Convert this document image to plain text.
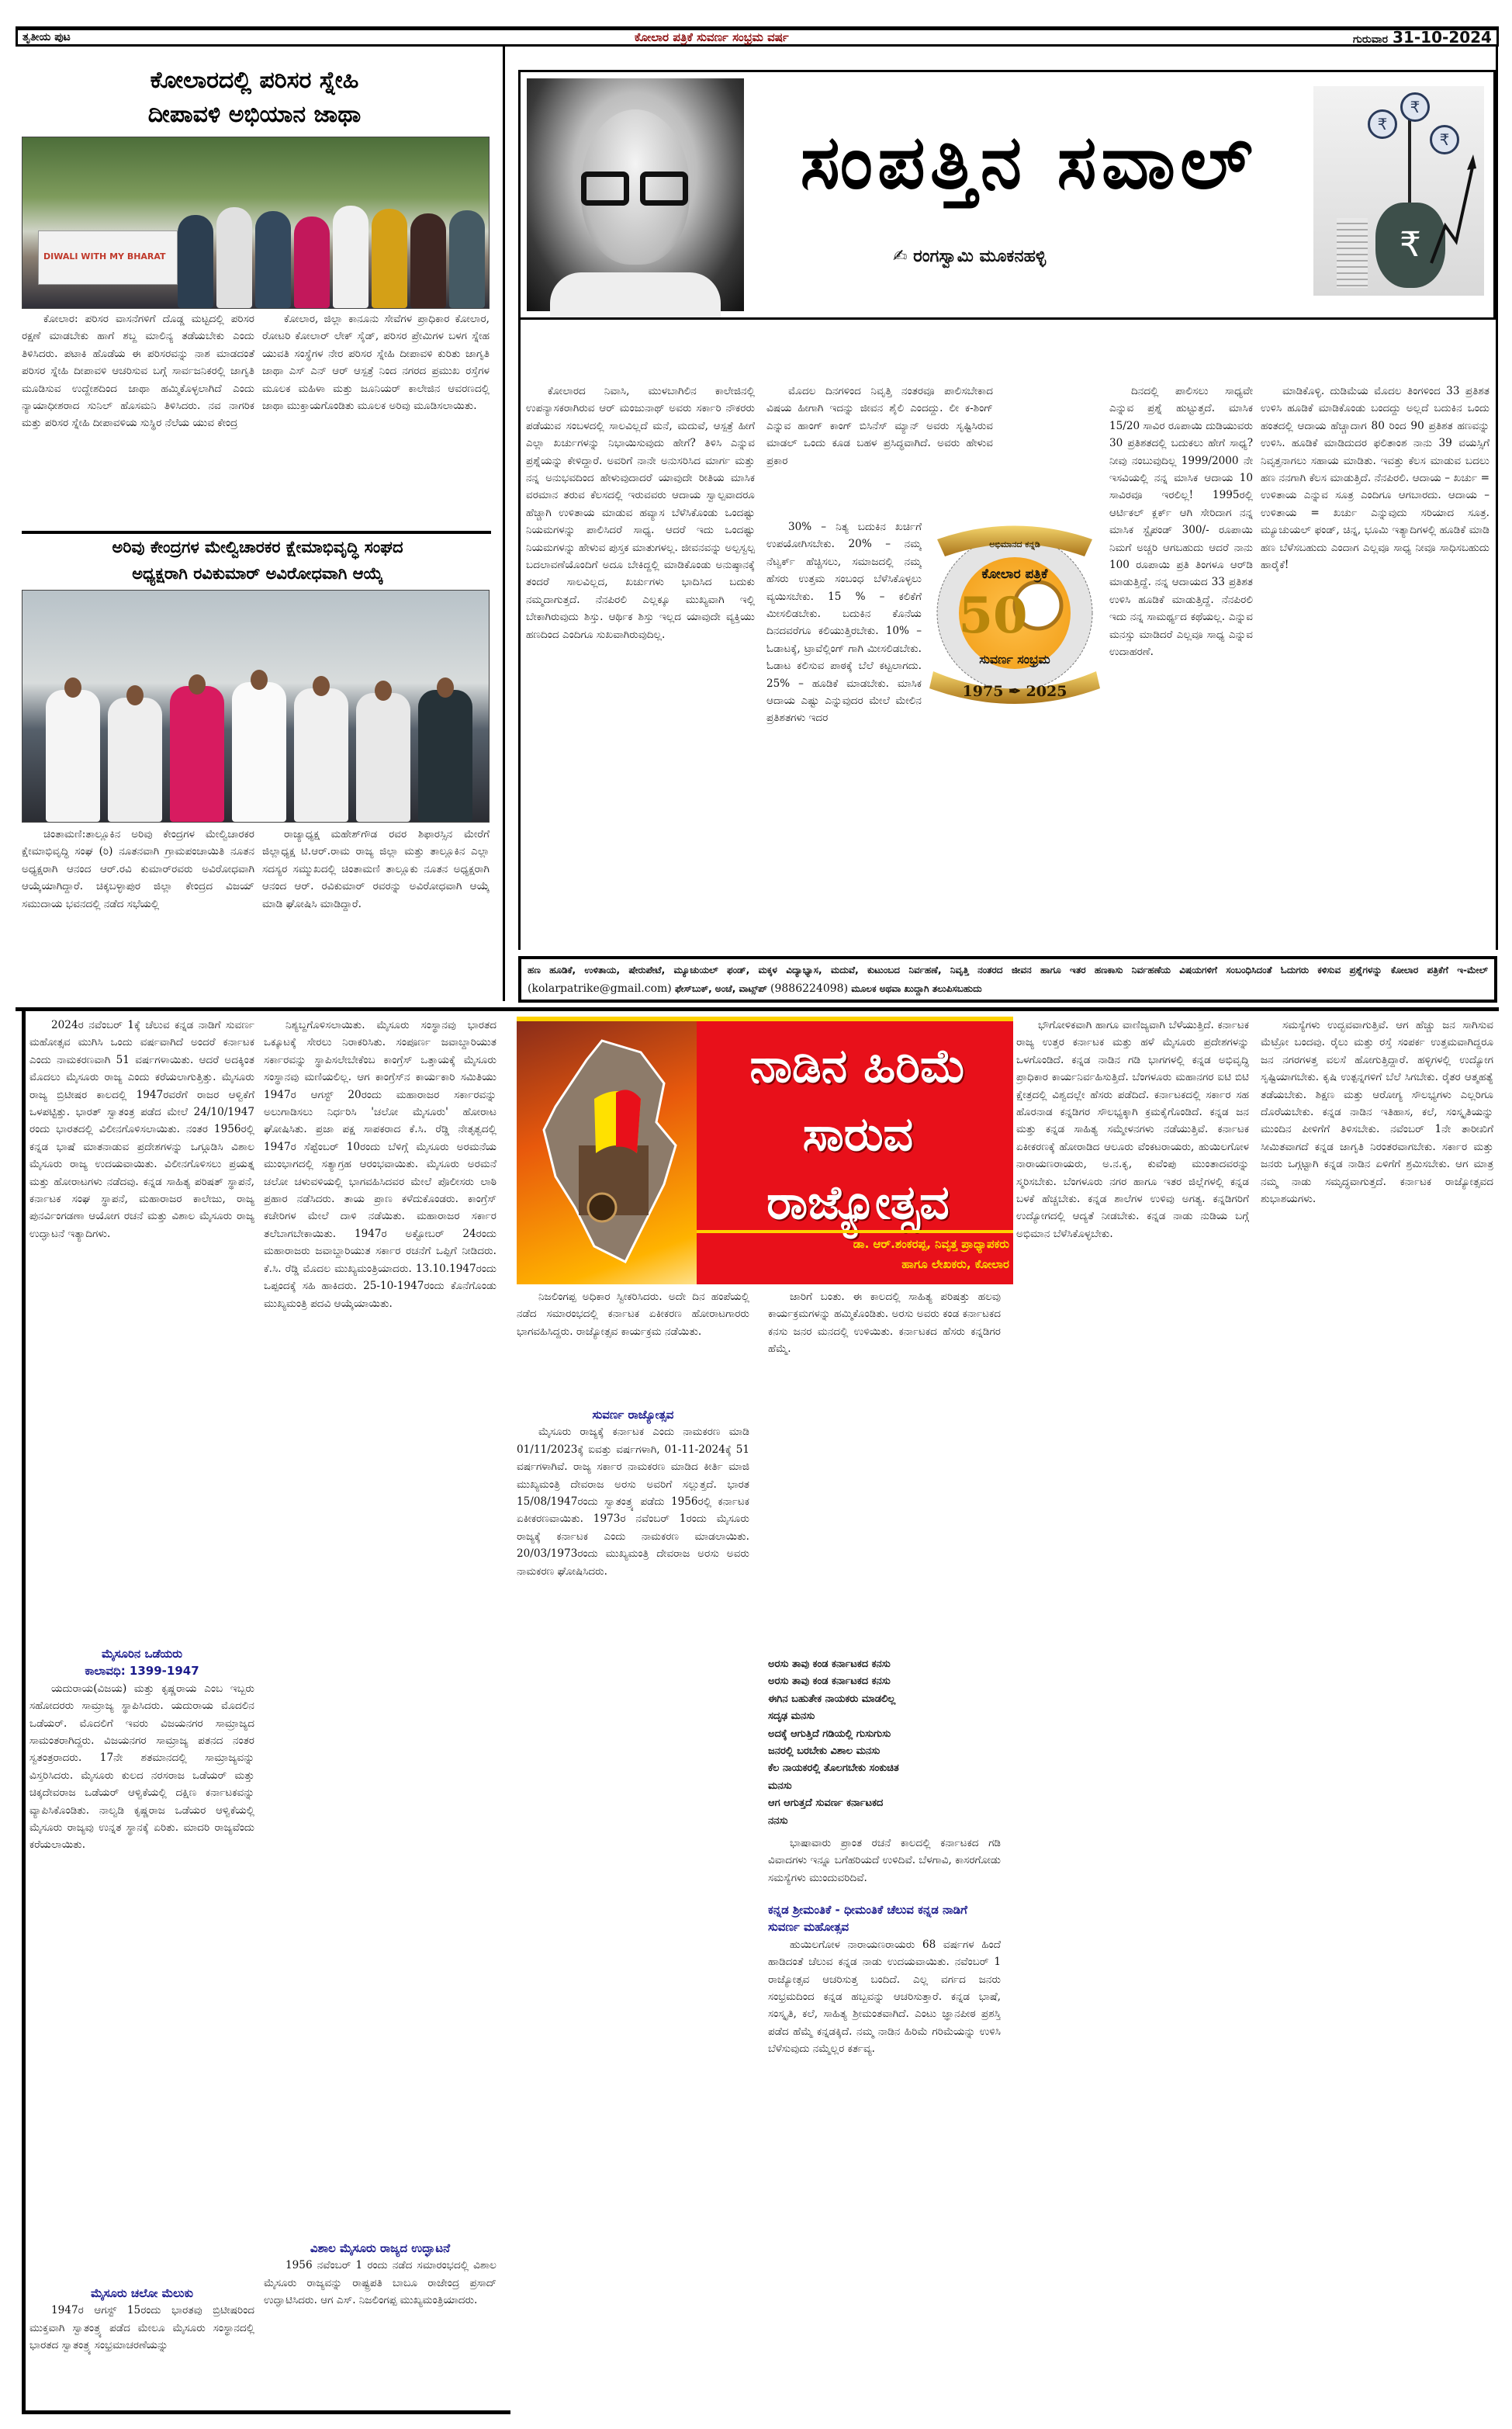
ತೃತೀಯ ಪುಟ	ಕೋಲಾರ ಪತ್ರಿಕೆ ಸುವರ್ಣ ಸಂಭ್ರಮ ವರ್ಷ	ಗುರುವಾರ 31-10-2024
ಕೋಲಾರದಲ್ಲಿ ಪರಿಸರ ಸ್ನೇಹಿ
ದೀಪಾವಳಿ ಅಭಿಯಾನ ಜಾಥಾ
DIWALI WITH MY BHARAT

ಕೋಲಾರ: ಪರಿಸರ ವಾಸನೆಗಳಿಗೆ ದೊಡ್ಡ ಮಟ್ಟದಲ್ಲಿ ಪರಿಸರ ರಕ್ಷಣೆ ಮಾಡಬೇಕು ಹಾಗೆ ಶಬ್ದ ಮಾಲಿನ್ಯ ತಡೆಯಬೇಕು ಎಂದು ತಿಳಿಸಿದರು. ಪಟಾಕಿ ಹೊಡೆಯ ಈ ಪರಿಸರವನ್ನು ನಾಶ ಮಾಡದಂತೆ ಪರಿಸರ ಸ್ನೇಹಿ ದೀಪಾವಳಿ ಆಚರಿಸುವ ಬಗ್ಗೆ ಸಾರ್ವಜನಿಕರಲ್ಲಿ ಜಾಗೃತಿ ಮೂಡಿಸುವ ಉದ್ದೇಶದಿಂದ ಜಾಥಾ ಹಮ್ಮಿಕೊಳ್ಳಲಾಗಿದೆ ಎಂದು ನ್ಯಾಯಾಧೀಶರಾದ ಸುನಿಲ್ ಹೊಸಮನಿ ತಿಳಿಸಿದರು. ನವ ನಾಗರಿಕ ಮತ್ತು ಪರಿಸರ ಸ್ನೇಹಿ ದೀಪಾವಳಿಯ ಸುಸ್ಥಿರ ನೆಲೆಯ ಯುವ ಕೇಂದ್ರ

ಕೋಲಾರ, ಜಿಲ್ಲಾ ಕಾನೂನು ಸೇವೆಗಳ ಪ್ರಾಧಿಕಾರ ಕೋಲಾರ, ರೋಟರಿ ಕೋಲಾರ್ ಲೇಕ್ ಸೈಡ್, ಪರಿಸರ ಪ್ರೇಮಿಗಳ ಬಳಗ ಸ್ನೇಹ ಯುವತಿ ಸಂಸ್ಥೆಗಳ ನೇರ ಪರಿಸರ ಸ್ನೇಹಿ ದೀಪಾವಳಿ ಕುರಿತು ಜಾಗೃತಿ ಜಾಥಾ ಎಸ್ ಎನ್ ಆರ್ ಆಸ್ಪತ್ರೆ ನಿಂದ ನಗರದ ಪ್ರಮುಖ ರಸ್ತೆಗಳ ಮೂಲಕ ಮಹಿಳಾ ಮತ್ತು ಜೂನಿಯರ್ ಕಾಲೇಜಿನ ಆವರಣದಲ್ಲಿ ಜಾಥಾ ಮುಕ್ತಾಯಗೊಂಡಿತು ಮೂಲಕ ಅರಿವು ಮೂಡಿಸಲಾಯಿತು.

ಅರಿವು ಕೇಂದ್ರಗಳ ಮೇಲ್ವಿಚಾರಕರ ಕ್ಷೇಮಾಭಿವೃದ್ಧಿ ಸಂಘದ
ಅಧ್ಯಕ್ಷರಾಗಿ ರವಿಕುಮಾರ್ ಅವಿರೋಧವಾಗಿ ಆಯ್ಕೆ

ಚಿಂತಾಮಣಿ:ತಾಲ್ಲೂಕಿನ ಅರಿವು ಕೇಂದ್ರಗಳ ಮೇಲ್ವಿಚಾರಕರ ಕ್ಷೇಮಾಭಿವೃದ್ಧಿ ಸಂಘ (ರಿ) ನೂತನವಾಗಿ ಗ್ರಾಮಪಂಚಾಯಿತಿ ನೂತನ ಅಧ್ಯಕ್ಷರಾಗಿ ಆನಂದ ಆರ್.ರವಿ ಕುಮಾರ್‌ರವರು ಅವಿರೋಧವಾಗಿ ಆಯ್ಕೆಯಾಗಿದ್ದಾರೆ. ಚಿಕ್ಕಬಳ್ಳಾಪುರ ಜಿಲ್ಲಾ ಕೇಂದ್ರದ ವಿಜಯ್ ಸಮುದಾಯ ಭವನದಲ್ಲಿ ನಡೆದ ಸಭೆಯಲ್ಲಿ

ರಾಜ್ಯಾಧ್ಯಕ್ಷ ಮಹೇಶ್‌ಗೌಡ ರವರ ಶಿಫಾರಸ್ಸಿನ ಮೇರೆಗೆ ಜಿಲ್ಲಾಧ್ಯಕ್ಷ ಟಿ.ಆರ್.ರಾಮ ರಾಜ್ಯ ಜಿಲ್ಲಾ ಮತ್ತು ತಾಲ್ಲೂಕಿನ ಎಲ್ಲಾ ಸದಸ್ಯರ ಸಮ್ಮುಖದಲ್ಲಿ ಚಿಂತಾಮಣಿ ತಾಲ್ಲೂಕು ನೂತನ ಅಧ್ಯಕ್ಷರಾಗಿ ಆನಂದ ಆರ್. ರವಿಕುಮಾರ್ ರವರನ್ನು ಅವಿರೋಧವಾಗಿ ಆಯ್ಕೆ ಮಾಡಿ ಘೋಷಿಸಿ ಮಾಡಿದ್ದಾರೆ.

ಸಂಪತ್ತಿನ ಸವಾಲ್
✍ ರಂಗಸ್ವಾಮಿ ಮೂಕನಹಳ್ಳಿ
₹
₹
₹
₹

ಕೋಲಾರದ ನಿವಾಸಿ, ಮುಳಬಾಗಿಲಿನ ಕಾಲೇಜಿನಲ್ಲಿ ಉಪನ್ಯಾಸಕರಾಗಿರುವ ಆರ್ ಮಂಜುನಾಥ್ ಅವರು ಸರ್ಕಾರಿ ನೌಕರರು ಪಡೆಯುವ ಸಂಬಳದಲ್ಲಿ ಸಾಲವಿಲ್ಲದೆ ಮನೆ, ಮದುವೆ, ಆಸ್ಪತ್ರೆ ಹೀಗೆ ಎಲ್ಲಾ ಖರ್ಚುಗಳನ್ನು ನಿಭಾಯಿಸುವುದು ಹೇಗೆ? ತಿಳಿಸಿ ಎನ್ನುವ ಪ್ರಶ್ನೆಯನ್ನು ಕೇಳಿದ್ದಾರೆ. ಅವರಿಗೆ ನಾನೇ ಅನುಸರಿಸಿದ ಮಾರ್ಗ ಮತ್ತು ನನ್ನ ಅನುಭವದಿಂದ ಹೇಳುವುದಾದರೆ ಯಾವುದೇ ರೀತಿಯ ಮಾಸಿಕ ವರಮಾನ ತರುವ ಕೆಲಸದಲ್ಲಿ ಇರುವವರು ಆದಾಯ ಸ್ವಾಲ್ಪವಾದರೂ ಹೆಚ್ಚಾಗಿ ಉಳಿತಾಯ ಮಾಡುವ ಹವ್ಯಾಸ ಬೆಳೆಸಿಕೊಂಡು ಒಂದಷ್ಟು ನಿಯಮಗಳನ್ನು ಪಾಲಿಸಿದರೆ ಸಾಧ್ಯ. ಆದರೆ ಇದು ಒಂದಷ್ಟು ನಿಯಮಗಳನ್ನು ಹೇಳುವ ಪುಸ್ತಕ ಮಾತುಗಳಲ್ಲ. ಜೀವನವನ್ನು ಅಲ್ಪಸ್ವಲ್ಪ ಬದಲಾವಣೆಯೊಂದಿಗೆ ಅದೂ ಬೇಕಿದ್ದಲ್ಲಿ ಮಾಡಿಕೊಂಡು ಅನುಷ್ಠಾನಕ್ಕೆ ತಂದರೆ ಸಾಲವಿಲ್ಲದ, ಖರ್ಚುಗಳು ಭಾದಿಸಿದ ಬದುಕು ನಮ್ಮದಾಗುತ್ತದೆ. ನೆನಪಿರಲಿ ಎಲ್ಲಕ್ಕೂ ಮುಖ್ಯವಾಗಿ ಇಲ್ಲಿ ಬೇಕಾಗಿರುವುದು ಶಿಸ್ತು. ಆರ್ಥಿಕ ಶಿಸ್ತು ಇಲ್ಲದ ಯಾವುದೇ ವ್ಯಕ್ತಿಯು ಹಣದಿಂದ ಎಂದಿಗೂ ಸುಖವಾಗಿರುವುದಿಲ್ಲ.

ಮೊದಲ ದಿನಗಳಿಂದ ನಿವೃತ್ತಿ ನಂತರವೂ ಪಾಲಿಸಬೇಕಾದ ವಿಷಯ ಹೀಗಾಗಿ ಇದನ್ನು ಜೀವನ ಶೈಲಿ ಎಂದದ್ದು. ಲೀ ಕ-ಶಿಂಗ್ ಎನ್ನುವ ಹಾಂಗ್ ಕಾಂಗ್ ಬಿಸಿನೆಸ್ ಮ್ಯಾನ್ ಅವರು ಸೃಷ್ಟಿಸಿರುವ ಮಾಡಲ್ ಒಂದು ಕೂಡ ಬಹಳ ಪ್ರಸಿದ್ಧವಾಗಿದೆ. ಅವರು ಹೇಳುವ ಪ್ರಕಾರ

30% – ನಿತ್ಯ ಬದುಕಿನ ಖರ್ಚಿಗೆ ಉಪಯೋಗಿಸಬೇಕು. 20% – ನಮ್ಮ ನೆಟ್ವರ್ಕ್ ಹೆಚ್ಚಿಸಲು, ಸಮಾಜದಲ್ಲಿ ನಮ್ಮ ಹೆಸರು ಉತ್ತಮ ಸಂಬಂಧ ಬೆಳೆಸಿಕೊಳ್ಳಲು ವ್ಯಯಿಸಬೇಕು. 15 % – ಕಲಿಕೆಗೆ ಮೀಸಲಿಡಬೇಕು. ಬದುಕಿನ ಕೊನೆಯ ದಿನದವರೆಗೂ ಕಲಿಯುತ್ತಿರಬೇಕು. 10% – ಓಡಾಟಕ್ಕೆ, ಟ್ರಾವೆಲ್ಲಿಂಗ್ ಗಾಗಿ ಮೀಸಲಿಡಬೇಕು. ಓಡಾಟ ಕಲಿಸುವ ಪಾಠಕ್ಕೆ ಬೆಲೆ ಕಟ್ಟಲಾಗದು. 25% – ಹೂಡಿಕೆ ಮಾಡಬೇಕು. ಮಾಸಿಕ ಆದಾಯ ಎಷ್ಟು ಎನ್ನುವುದರ ಮೇಲೆ ಮೇಲಿನ ಪ್ರತಿಶತಗಳು ಇದರ

ದಿನದಲ್ಲಿ ಪಾಲಿಸಲು ಸಾಧ್ಯವೇ ಎನ್ನುವ ಪ್ರಶ್ನೆ ಹುಟ್ಟುತ್ತದೆ. ಮಾಸಿಕ 15/20 ಸಾವಿರ ರೂಪಾಯಿ ದುಡಿಯುವರು 30 ಪ್ರತಿಶತದಲ್ಲಿ ಬದುಕಲು ಹೇಗೆ ಸಾಧ್ಯ? ನೀವು ನಂಬುವುದಿಲ್ಲ 1999/2000 ನೇ ಇಸವಿಯಲ್ಲಿ ನನ್ನ ಮಾಸಿಕ ಆದಾಯ 10 ಸಾವಿರವೂ ಇರಲಿಲ್ಲ! 1995ರಲ್ಲಿ ಆರ್ಟಿಕಲ್ ಕ್ಲರ್ಕ್ ಆಗಿ ಸೇರಿದಾಗ ನನ್ನ ಮಾಸಿಕ ಸ್ಟೈಪಂಡ್ 300/- ರೂಪಾಯಿ ನಿಮಗೆ ಅಚ್ಚರಿ ಆಗಬಹುದು ಆದರೆ ನಾನು 100 ರೂಪಾಯಿ ಪ್ರತಿ ತಿಂಗಳೂ ಆರ್‌ಡಿ ಮಾಡುತ್ತಿದ್ದೆ. ನನ್ನ ಆದಾಯದ 33 ಪ್ರತಿಶತ ಉಳಿಸಿ ಹೂಡಿಕೆ ಮಾಡುತ್ತಿದ್ದೆ. ನೆನಪಿರಲಿ ಇದು ನನ್ನ ಸಾಮರ್ಥ್ಯದ ಕಥೆಯಲ್ಲ. ಎನ್ನುವ ಮನಸ್ಸು ಮಾಡಿದರೆ ಎಲ್ಲವೂ ಸಾಧ್ಯ ಎನ್ನುವ ಉದಾಹರಣೆ.

ಮಾಡಿಕೊಳ್ಳಿ. ದುಡಿಮೆಯ ಮೊದಲ ತಿಂಗಳಿಂದ 33 ಪ್ರತಿಶತ ಉಳಿಸಿ ಹೂಡಿಕೆ ಮಾಡಿಕೊಂಡು ಬಂದದ್ದು ಅಲ್ಲದೆ ಬದುಕಿನ ಒಂದು ಹಂತದಲ್ಲಿ ಆದಾಯ ಹೆಚ್ಚಾದಾಗ 80 ರಿಂದ 90 ಪ್ರತಿಶತ ಹಣವನ್ನು ಉಳಿಸಿ. ಹೂಡಿಕೆ ಮಾಡಿದುದರ ಫಲಿತಾಂಶ ನಾನು 39 ವಯಸ್ಸಿಗೆ ನಿವೃತ್ತನಾಗಲು ಸಹಾಯ ಮಾಡಿತು. ಇವತ್ತು ಕೆಲಸ ಮಾಡುವ ಬದಲು ಹಣ ನನಗಾಗಿ ಕೆಲಸ ಮಾಡುತ್ತಿದೆ. ನೆನಪಿರಲಿ. ಆದಾಯ – ಖರ್ಚು = ಉಳಿತಾಯ ಎನ್ನುವ ಸೂತ್ರ ಎಂದಿಗೂ ಆಗಬಾರದು. ಆದಾಯ – ಉಳಿತಾಯ = ಖರ್ಚು ಎನ್ನುವುದು ಸರಿಯಾದ ಸೂತ್ರ. ಮ್ಯೂಚುಯಲ್ ಫಂಡ್, ಚಿನ್ನ, ಭೂಮಿ ಇತ್ಯಾದಿಗಳಲ್ಲಿ ಹೂಡಿಕೆ ಮಾಡಿ ಹಣ ಬೆಳೆಸಬಹುದು ಎಂದಾಗ ಎಲ್ಲವೂ ಸಾಧ್ಯ ನೀವೂ ಸಾಧಿಸಬಹುದು ಹಾರೈಕೆ!

ಅಭಿಮಾನದ ಕನ್ನಡಿ
ಕೋಲಾರ ಪತ್ರಿಕೆ
50
ಸುವರ್ಣ ಸಂಭ್ರಮ
1975 ✒ 2025
ಹಣ ಹೂಡಿಕೆ, ಉಳಿತಾಯ, ಷೇರುಪೇಟೆ, ಮ್ಯೂಚುಯಲ್ ಫಂಡ್, ಮಕ್ಕಳ ವಿದ್ಯಾಭ್ಯಾಸ, ಮದುವೆ, ಕುಟುಂಬದ ನಿರ್ವಹಣೆ, ನಿವೃತ್ತಿ ನಂತರದ ಜೀವನ ಹಾಗೂ ಇತರ ಹಣಕಾಸು ನಿರ್ವಹಣೆಯ ವಿಷಯಗಳಿಗೆ ಸಂಬಂಧಿಸಿದಂತೆ ಓದುಗರು ಕಳಿಸುವ ಪ್ರಶ್ನೆಗಳನ್ನು ಕೋಲಾರ ಪತ್ರಿಕೆಗೆ ಇ-ಮೇಲ್ (kolarpatrike@gmail.com) ಫೇಸ್‌ಬುಕ್, ಅಂಚೆ, ವಾಟ್ಸ್‌ಪ್ (9886224098) ಮೂಲಕ ಅಥವಾ ಖುದ್ದಾಗಿ ತಲುಪಿಸಬಹುದು

2024ರ ನವೆಂಬರ್ 1ಕ್ಕೆ ಚೆಲುವ ಕನ್ನಡ ನಾಡಿಗೆ ಸುವರ್ಣ ಮಹೋತ್ಸವ ಮುಗಿಸಿ ಒಂದು ವರ್ಷವಾಗಿದೆ ಅಂದರೆ ಕರ್ನಾಟಕ ಎಂದು ನಾಮಕರಣವಾಗಿ 51 ವರ್ಷಗಳಾಯಿತು. ಆದರೆ ಅದಕ್ಕಿಂತ ಮೊದಲು ಮೈಸೂರು ರಾಜ್ಯ ಎಂದು ಕರೆಯಲಾಗುತ್ತಿತ್ತು. ಮೈಸೂರು ರಾಜ್ಯ ಬ್ರಿಟೀಷರ ಕಾಲದಲ್ಲಿ 1947ರವರೆಗೆ ರಾಜರ ಆಳ್ವಿಕೆಗೆ ಒಳಪಟ್ಟಿತ್ತು. ಭಾರತ್ ಸ್ವಾತಂತ್ರ ಪಡೆದ ಮೇಲೆ 24/10/1947 ರಂದು ಭಾರತದಲ್ಲಿ ವಿಲೀನಗೊಳಿಸಲಾಯಿತು. ನಂತರ 1956ರಲ್ಲಿ ಕನ್ನಡ ಭಾಷೆ ಮಾತನಾಡುವ ಪ್ರದೇಶಗಳನ್ನು ಒಗ್ಗೂಡಿಸಿ ವಿಶಾಲ ಮೈಸೂರು ರಾಜ್ಯ ಉದಯವಾಯಿತು. ವಿಲೀನಗೊಳಿಸಲು ಪ್ರಯತ್ನ ಮತ್ತು ಹೋರಾಟಗಳು ನಡೆದವು. ಕನ್ನಡ ಸಾಹಿತ್ಯ ಪರಿಷತ್ ಸ್ಥಾಪನೆ, ಕರ್ನಾಟಕ ಸಂಘ ಸ್ಥಾಪನೆ, ಮಹಾರಾಜರ ಕಾಲೇಜು, ರಾಜ್ಯ ಪುನರ್ವಿಂಗಡಣಾ ಆಯೋಗ ರಚನೆ ಮತ್ತು ವಿಶಾಲ ಮೈಸೂರು ರಾಜ್ಯ ಉದ್ಘಾಟನೆ ಇತ್ಯಾದಿಗಳು.

ಮೈಸೂರಿನ ಒಡೆಯರು
ಕಾಲಾವಧಿ: 1399-1947

ಯದುರಾಯ(ವಿಜಯ) ಮತ್ತು ಕೃಷ್ಣರಾಯ ಎಂಬ ಇಬ್ಬರು ಸಹೋದರರು ಸಾಮ್ರಾಜ್ಯ ಸ್ಥಾಪಿಸಿದರು. ಯದುರಾಯ ಮೊದಲಿನ ಒಡೆಯರ್. ಮೊದಲಿಗೆ ಇವರು ವಿಜಯನಗರ ಸಾಮ್ರಾಜ್ಯದ ಸಾಮಂತರಾಗಿದ್ದರು. ವಿಜಯನಗರ ಸಾಮ್ರಾಜ್ಯ ಪತನದ ನಂತರ ಸ್ವತಂತ್ರರಾದರು. 17ನೇ ಶತಮಾನದಲ್ಲಿ ಸಾಮ್ರಾಜ್ಯವನ್ನು ವಿಸ್ತರಿಸಿದರು. ಮೈಸೂರು ಕುಲದ ನರಸರಾಜ ಒಡೆಯರ್ ಮತ್ತು ಚಿಕ್ಕದೇವರಾಜ ಒಡೆಯರ್ ಆಳ್ವಿಕೆಯಲ್ಲಿ ದಕ್ಷಿಣ ಕರ್ನಾಟಕವನ್ನು ವ್ಯಾಪಿಸಿಕೊಂಡಿತು. ನಾಲ್ವಡಿ ಕೃಷ್ಣರಾಜ ಒಡೆಯರ ಆಳ್ವಿಕೆಯಲ್ಲಿ ಮೈಸೂರು ರಾಜ್ಯವು ಉನ್ನತ ಸ್ಥಾನಕ್ಕೆ ಏರಿತು. ಮಾದರಿ ರಾಜ್ಯವೆಂದು ಕರೆಯಲಾಯಿತು.

ಮೈಸೂರು ಚಲೋ ಮೆಲುಕು

1947ರ ಆಗಸ್ಟ್ 15ರಂದು ಭಾರತವು ಬ್ರಿಟೀಷರಿಂದ ಮುಕ್ತವಾಗಿ ಸ್ವಾತಂತ್ರ್ಯ ಪಡೆದ ಮೇಲೂ ಮೈಸೂರು ಸಂಸ್ಥಾನದಲ್ಲಿ ಭಾರತದ ಸ್ವಾತಂತ್ರ್ಯ ಸಂಭ್ರಮಾಚರಣೆಯನ್ನು

ನಿಶ್ಯಬ್ದಗೊಳಿಸಲಾಯಿತು. ಮೈಸೂರು ಸಂಸ್ಥಾನವು ಭಾರತದ ಒಕ್ಕೂಟಕ್ಕೆ ಸೇರಲು ನಿರಾಕರಿಸಿತು. ಸಂಪೂರ್ಣ ಜವಾಬ್ದಾರಿಯುತ ಸರ್ಕಾರವನ್ನು ಸ್ಥಾಪಿಸಲೇಬೇಕೆಂಬ ಕಾಂಗ್ರೆಸ್ ಒತ್ತಾಯಕ್ಕೆ ಮೈಸೂರು ಸಂಸ್ಥಾನವು ಮಣಿಯಲಿಲ್ಲ. ಆಗ ಕಾಂಗ್ರೆಸ್‌ನ ಕಾರ್ಯಕಾರಿ ಸಮಿತಿಯು 1947ರ ಆಗಸ್ಟ್ 20ರಂದು ಮಹಾರಾಜರ ಸರ್ಕಾರವನ್ನು ಅಲುಗಾಡಿಸಲು ನಿರ್ಧರಿಸಿ 'ಚಲೋ ಮೈಸೂರು' ಹೋರಾಟ ಘೋಷಿಸಿತು. ಪ್ರಜಾ ಪಕ್ಷ ಸಾಪಕರಾದ ಕೆ.ಸಿ. ರೆಡ್ಡಿ ನೇತೃತ್ವದಲ್ಲಿ 1947ರ ಸೆಪ್ಟೆಂಬರ್ 10ರಂದು ಬೆಳಿಗ್ಗೆ ಮೈಸೂರು ಅರಮನೆಯ ಮುಂಭಾಗದಲ್ಲಿ ಸತ್ಯಾಗ್ರಹ ಆರಂಭವಾಯಿತು. ಮೈಸೂರು ಅರಮನೆ ಚಲೋ ಚಳುವಳಿಯಲ್ಲಿ ಭಾಗವಹಿಸಿದವರ ಮೇಲೆ ಪೊಲೀಸರು ಲಾಠಿ ಪ್ರಹಾರ ನಡೆಸಿದರು. ತಾಯ ಪ್ರಾಣ ಕಳೆದುಕೊಂಡರು. ಕಾಂಗ್ರೆಸ್ ಕಚೇರಿಗಳ ಮೇಲೆ ದಾಳಿ ನಡೆಯಿತು. ಮಹಾರಾಜರ ಸರ್ಕಾರ ತಲೆಬಾಗಬೇಕಾಯಿತು. 1947ರ ಅಕ್ಟೋಬರ್ 24ರಂದು ಮಹಾರಾಜರು ಜವಾಬ್ದಾರಿಯುತ ಸರ್ಕಾರ ರಚನೆಗೆ ಒಪ್ಪಿಗೆ ನೀಡಿದರು. ಕೆ.ಸಿ. ರೆಡ್ಡಿ ಮೊದಲ ಮುಖ್ಯಮಂತ್ರಿಯಾದರು. 13.10.1947ರಂದು ಒಪ್ಪಂದಕ್ಕೆ ಸಹಿ ಹಾಕಿದರು. 25-10-1947ರಂದು ಕೊನೆಗೊಂಡು ಮುಖ್ಯಮಂತ್ರಿ ಪದವಿ ಆಯ್ಕೆಯಾಯಿತು.

ವಿಶಾಲ ಮೈಸೂರು ರಾಜ್ಯದ ಉದ್ಘಾಟನೆ

1956 ನವೆಂಬರ್ 1 ರಂದು ನಡೆದ ಸಮಾರಂಭದಲ್ಲಿ ವಿಶಾಲ ಮೈಸೂರು ರಾಜ್ಯವನ್ನು ರಾಷ್ಟ್ರಪತಿ ಬಾಬೂ ರಾಜೇಂದ್ರ ಪ್ರಸಾದ್ ಉದ್ಘಾಟಿಸಿದರು. ಆಗ ಎಸ್. ನಿಜಲಿಂಗಪ್ಪ ಮುಖ್ಯಮಂತ್ರಿಯಾದರು.

ನಾಡಿನ ಹಿರಿಮೆ
ಸಾರುವ
ರಾಜ್ಯೋತ್ಸವ
ಡಾ. ಆರ್.ಶಂಕರಪ್ಪ, ನಿವೃತ್ತ ಪ್ರಾಧ್ಯಾಪಕರು
ಹಾಗೂ ಲೇಖಕರು, ಕೋಲಾರ

ನಿಜಲಿಂಗಪ್ಪ ಅಧಿಕಾರ ಸ್ವೀಕರಿಸಿದರು. ಅದೇ ದಿನ ಹಂಪೆಯಲ್ಲಿ ನಡೆದ ಸಮಾರಂಭದಲ್ಲಿ ಕರ್ನಾಟಕ ಏಕೀಕರಣ ಹೋರಾಟಗಾರರು ಭಾಗವಹಿಸಿದ್ದರು. ರಾಜ್ಯೋತ್ಸವ ಕಾರ್ಯಕ್ರಮ ನಡೆಯಿತು.

ಸುವರ್ಣ ರಾಜ್ಯೋತ್ಸವ

ಮೈಸೂರು ರಾಜ್ಯಕ್ಕೆ ಕರ್ನಾಟಕ ಎಂದು ನಾಮಕರಣ ಮಾಡಿ 01/11/2023ಕ್ಕೆ ಐವತ್ತು ವರ್ಷಗಳಾಗಿ, 01-11-2024ಕ್ಕೆ 51 ವರ್ಷಗಳಾಗಿವೆ. ರಾಜ್ಯ ಸರ್ಕಾರ ನಾಮಕರಣ ಮಾಡಿದ ಕೀರ್ತಿ ಮಾಜಿ ಮುಖ್ಯಮಂತ್ರಿ ದೇವರಾಜ ಅರಸು ಅವರಿಗೆ ಸಲ್ಲುತ್ತದೆ. ಭಾರತ 15/08/1947ರಂದು ಸ್ವಾತಂತ್ರ್ಯ ಪಡೆದು 1956ರಲ್ಲಿ ಕರ್ನಾಟಕ ಏಕೀಕರಣವಾಯಿತು. 1973ರ ನವೆಂಬರ್ 1ರಂದು ಮೈಸೂರು ರಾಜ್ಯಕ್ಕೆ ಕರ್ನಾಟಕ ಎಂದು ನಾಮಕರಣ ಮಾಡಲಾಯಿತು. 20/03/1973ರಂದು ಮುಖ್ಯಮಂತ್ರಿ ದೇವರಾಜ ಅರಸು ಅವರು ನಾಮಕರಣ ಘೋಷಿಸಿದರು.

ಜಾರಿಗೆ ಬಂತು. ಈ ಕಾಲದಲ್ಲಿ ಸಾಹಿತ್ಯ ಪರಿಷತ್ತು ಹಲವು ಕಾರ್ಯಕ್ರಮಗಳನ್ನು ಹಮ್ಮಿಕೊಂಡಿತು. ಅರಸು ಅವರು ಕಂಡ ಕರ್ನಾಟಕದ ಕನಸು ಜನರ ಮನದಲ್ಲಿ ಉಳಿಯಿತು. ಕರ್ನಾಟಕದ ಹೆಸರು ಕನ್ನಡಿಗರ ಹೆಮ್ಮೆ.

ಅರಸು ತಾವು ಕಂಡ ಕರ್ನಾಟಕದ ಕನಸು
ಅರಸು ತಾವು ಕಂಡ ಕರ್ನಾಟಕದ ಕನಸು
ಈಗಿನ ಬಹುತೇಕ ನಾಯಕರು ಮಾಡಲಿಲ್ಲ
ಸದೃಢ ಮನಸು
ಅದಕ್ಕೆ ಆಗುತ್ತಿದೆ ಗಡಿಯಲ್ಲಿ ಗುಸುಗುಸು
ಜನರಲ್ಲಿ ಬರಬೇಕು ವಿಶಾಲ ಮನಸು
ಕೆಲ ನಾಯಕರಲ್ಲಿ ತೊಲಗಬೇಕು ಸಂಕುಚಿತ
ಮನಸು
ಆಗ ಆಗುತ್ತದೆ ಸುವರ್ಣ ಕರ್ನಾಟಕದ
ನನಸು

ಭಾಷಾವಾರು ಪ್ರಾಂತ ರಚನೆ ಕಾಲದಲ್ಲಿ ಕರ್ನಾಟಕದ ಗಡಿ ವಿವಾದಗಳು ಇನ್ನೂ ಬಗೆಹರಿಯದೆ ಉಳಿದಿವೆ. ಬೆಳಗಾವಿ, ಕಾಸರಗೋಡು ಸಮಸ್ಯೆಗಳು ಮುಂದುವರಿದಿವೆ.

ಕನ್ನಡ ಶ್ರೀಮಂತಿಕೆ - ಧೀಮಂತಿಕೆ ಚೆಲುವ ಕನ್ನಡ ನಾಡಿಗೆ ಸುವರ್ಣ ಮಹೋತ್ಸವ

ಹುಯಿಲಗೋಳ ನಾರಾಯಣರಾಯರು 68 ವರ್ಷಗಳ ಹಿಂದೆ ಹಾಡಿದಂತೆ ಚೆಲುವ ಕನ್ನಡ ನಾಡು ಉದಯವಾಯಿತು. ನವೆಂಬರ್ 1 ರಾಜ್ಯೋತ್ಸವ ಆಚರಿಸುತ್ತ ಬಂದಿದೆ. ಎಲ್ಲ ವರ್ಗದ ಜನರು ಸಂಭ್ರಮದಿಂದ ಕನ್ನಡ ಹಬ್ಬವನ್ನು ಆಚರಿಸುತ್ತಾರೆ. ಕನ್ನಡ ಭಾಷೆ, ಸಂಸ್ಕೃತಿ, ಕಲೆ, ಸಾಹಿತ್ಯ ಶ್ರೀಮಂತವಾಗಿದೆ. ಎಂಟು ಜ್ಞಾನಪೀಠ ಪ್ರಶಸ್ತಿ ಪಡೆದ ಹೆಮ್ಮೆ ಕನ್ನಡಕ್ಕಿದೆ. ನಮ್ಮ ನಾಡಿನ ಹಿರಿಮೆ ಗರಿಮೆಯನ್ನು ಉಳಿಸಿ ಬೆಳೆಸುವುದು ನಮ್ಮೆಲ್ಲರ ಕರ್ತವ್ಯ.

ಭೌಗೋಳಿಕವಾಗಿ ಹಾಗೂ ವಾಣಿಜ್ಯವಾಗಿ ಬೆಳೆಯುತ್ತಿದೆ. ಕರ್ನಾಟಕ ರಾಜ್ಯ ಉತ್ತರ ಕರ್ನಾಟಕ ಮತ್ತು ಹಳೆ ಮೈಸೂರು ಪ್ರದೇಶಗಳನ್ನು ಒಳಗೊಂಡಿದೆ. ಕನ್ನಡ ನಾಡಿನ ಗಡಿ ಭಾಗಗಳಲ್ಲಿ ಕನ್ನಡ ಅಭಿವೃದ್ಧಿ ಪ್ರಾಧಿಕಾರ ಕಾರ್ಯನಿರ್ವಹಿಸುತ್ತಿದೆ. ಬೆಂಗಳೂರು ಮಹಾನಗರ ಐಟಿ ಬಿಟಿ ಕ್ಷೇತ್ರದಲ್ಲಿ ವಿಶ್ವದಲ್ಲೇ ಹೆಸರು ಪಡೆದಿದೆ. ಕರ್ನಾಟಕದಲ್ಲಿ ಸರ್ಕಾರ ಸಹ ಹೊರನಾಡ ಕನ್ನಡಿಗರ ಸೌಲಭ್ಯಕ್ಕಾಗಿ ಕ್ರಮಕೈಗೊಂಡಿದೆ. ಕನ್ನಡ ಜನ ಮತ್ತು ಕನ್ನಡ ಸಾಹಿತ್ಯ ಸಮ್ಮೇಳನಗಳು ನಡೆಯುತ್ತಿವೆ. ಕರ್ನಾಟಕ ಏಕೀಕರಣಕ್ಕೆ ಹೋರಾಡಿದ ಆಲೂರು ವೆಂಕಟರಾಯರು, ಹುಯಿಲಗೋಳ ನಾರಾಯಣರಾಯರು, ಅ.ನ.ಕೃ, ಕುವೆಂಪು ಮುಂತಾದವರನ್ನು ಸ್ಮರಿಸಬೇಕು. ಬೆಂಗಳೂರು ನಗರ ಹಾಗೂ ಇತರ ಜಿಲ್ಲೆಗಳಲ್ಲಿ ಕನ್ನಡ ಬಳಕೆ ಹೆಚ್ಚಬೇಕು. ಕನ್ನಡ ಶಾಲೆಗಳ ಉಳಿವು ಅಗತ್ಯ. ಕನ್ನಡಿಗರಿಗೆ ಉದ್ಯೋಗದಲ್ಲಿ ಆದ್ಯತೆ ನೀಡಬೇಕು. ಕನ್ನಡ ನಾಡು ನುಡಿಯ ಬಗ್ಗೆ ಅಭಿಮಾನ ಬೆಳೆಸಿಕೊಳ್ಳಬೇಕು.

ಸಮಸ್ಯೆಗಳು ಉದ್ಭವವಾಗುತ್ತಿವೆ. ಆಗ ಹೆಚ್ಚು ಜನ ಸಾಗಿಸುವ ಮೆಟ್ರೋ ಬಂದವು. ರೈಲು ಮತ್ತು ರಸ್ತೆ ಸಂಪರ್ಕ ಉತ್ತಮವಾಗಿದ್ದರೂ ಜನ ನಗರಗಳತ್ತ ವಲಸೆ ಹೋಗುತ್ತಿದ್ದಾರೆ. ಹಳ್ಳಿಗಳಲ್ಲಿ ಉದ್ಯೋಗ ಸೃಷ್ಟಿಯಾಗಬೇಕು. ಕೃಷಿ ಉತ್ಪನ್ನಗಳಿಗೆ ಬೆಲೆ ಸಿಗಬೇಕು. ರೈತರ ಆತ್ಮಹತ್ಯೆ ತಡೆಯಬೇಕು. ಶಿಕ್ಷಣ ಮತ್ತು ಆರೋಗ್ಯ ಸೌಲಭ್ಯಗಳು ಎಲ್ಲರಿಗೂ ದೊರೆಯಬೇಕು. ಕನ್ನಡ ನಾಡಿನ ಇತಿಹಾಸ, ಕಲೆ, ಸಂಸ್ಕೃತಿಯನ್ನು ಮುಂದಿನ ಪೀಳಿಗೆಗೆ ತಿಳಿಸಬೇಕು. ನವೆಂಬರ್ 1ನೇ ತಾರೀಖಿಗೆ ಸೀಮಿತವಾಗದೆ ಕನ್ನಡ ಜಾಗೃತಿ ನಿರಂತರವಾಗಬೇಕು. ಸರ್ಕಾರ ಮತ್ತು ಜನರು ಒಗ್ಗಟ್ಟಾಗಿ ಕನ್ನಡ ನಾಡಿನ ಏಳಿಗೆಗೆ ಶ್ರಮಿಸಬೇಕು. ಆಗ ಮಾತ್ರ ನಮ್ಮ ನಾಡು ಸಮೃದ್ಧವಾಗುತ್ತದೆ. ಕರ್ನಾಟಕ ರಾಜ್ಯೋತ್ಸವದ ಶುಭಾಶಯಗಳು.
